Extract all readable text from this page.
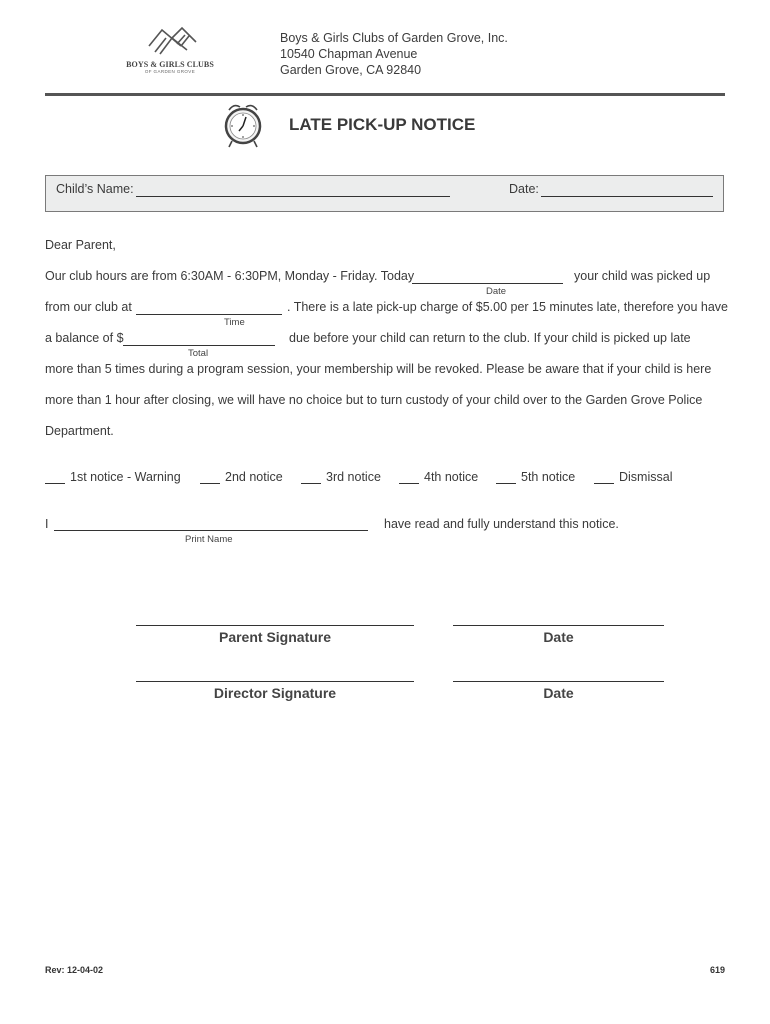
BOYS & GIRLS CLUBS
OF GARDEN GROVE
Boys & Girls Clubs of Garden Grove, Inc.
10540 Chapman Avenue
Garden Grove, CA 92840
LATE PICK-UP NOTICE
Child’s Name:	Date:
Dear Parent,
Our club hours are from 6:30AM - 6:30PM, Monday - Friday. Today	your child was picked up
Date
from our club at	. There is a late pick-up charge of $5.00 per 15 minutes late, therefore you have
Time
a balance of $	due before your child can return to the club. If your child is picked up late
Total
more than 5 times during a program session, your membership will be revoked. Please be aware that if your child is here
more than 1 hour after closing, we will have no choice but to turn custody of your child over to the Garden Grove Police
Department.
1st notice - Warning	2nd notice	3rd notice	4th notice	5th notice	Dismissal
I	have read and fully understand this notice.
Print Name
Parent Signature	Date
Director Signature	Date
Rev: 12-04-02	619
